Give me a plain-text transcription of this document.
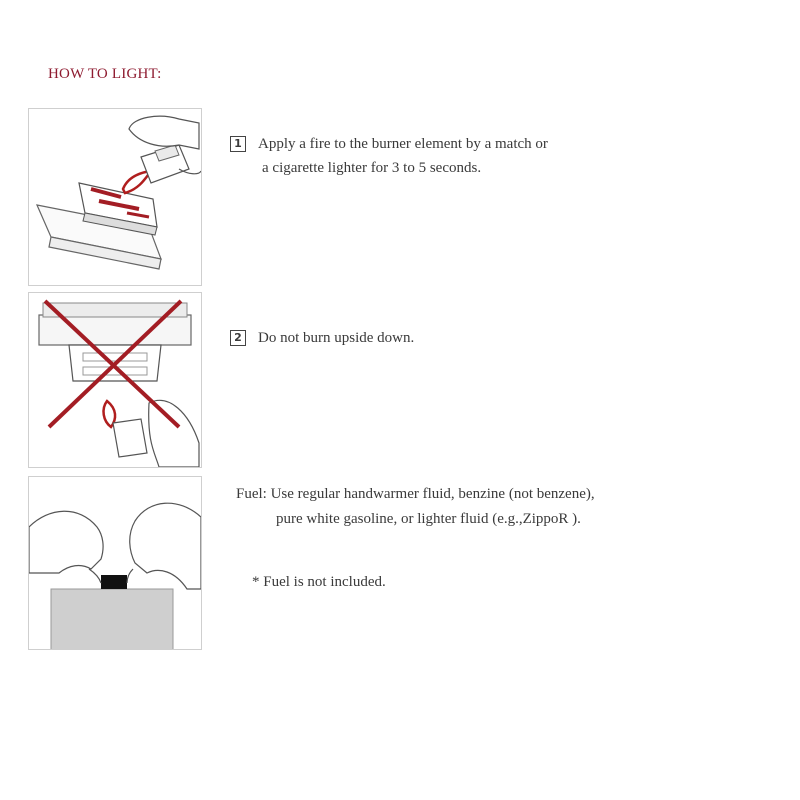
HOW TO LIGHT:
1 Apply a fire to the burner element by a match or
a cigarette lighter for 3 to 5 seconds.
2 Do not burn upside down.
Fuel: Use regular handwarmer fluid, benzine (not benzene),
pure white gasoline, or lighter fluid (e.g.,ZippoR ).
* Fuel is not included.
